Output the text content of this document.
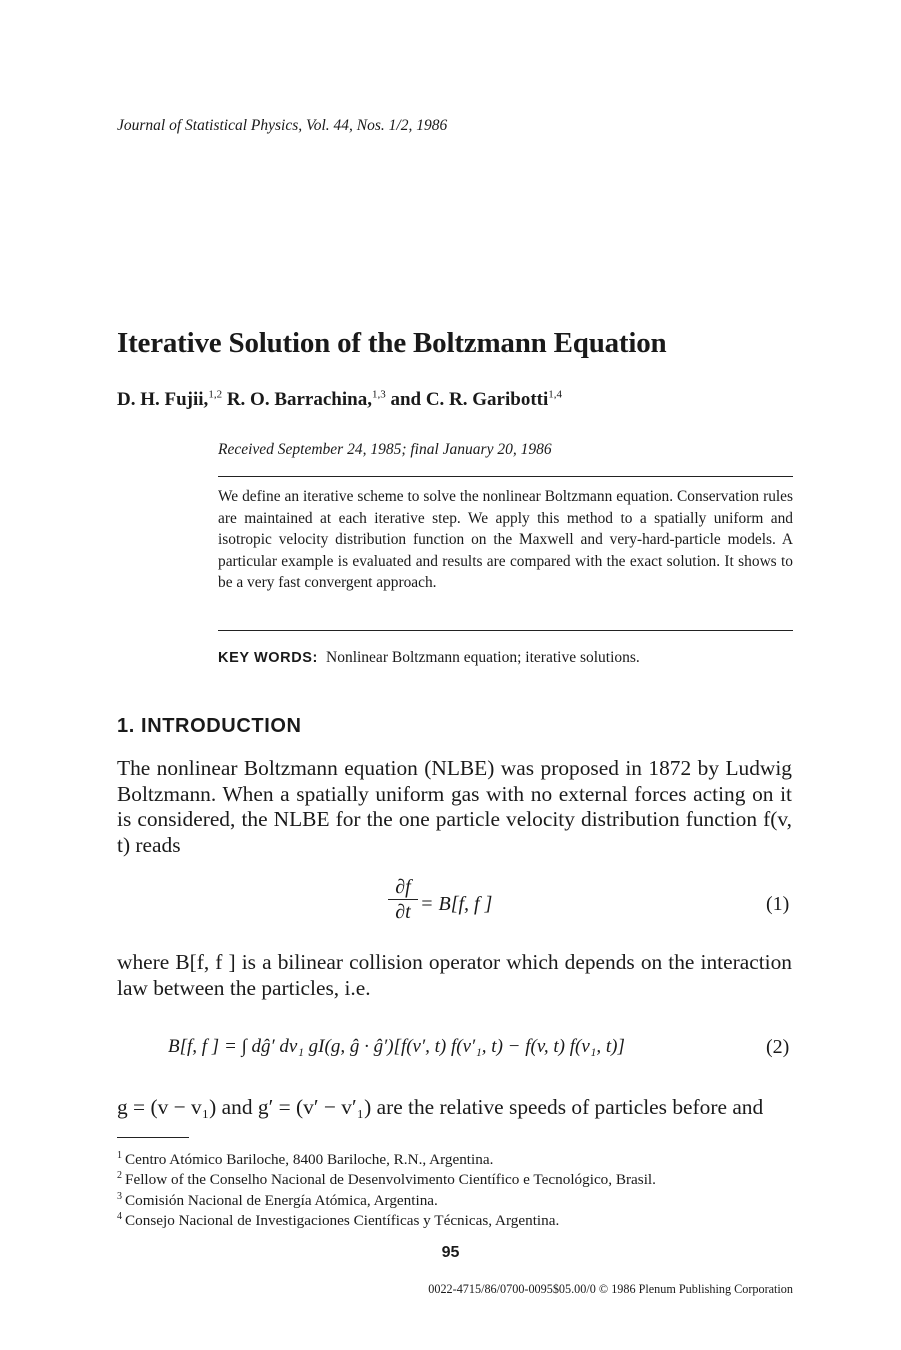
Journal of Statistical Physics, Vol. 44, Nos. 1/2, 1986
Iterative Solution of the Boltzmann Equation
D. H. Fujii,$^{1,2}$ R. O. Barrachina,$^{1,3}$ and C. R. Garibotti$^{1,4}$
Received September 24, 1985; final January 20, 1986
We define an iterative scheme to solve the nonlinear Boltzmann equation. Conservation rules are maintained at each iterative step. We apply this method to a spatially uniform and isotropic velocity distribution function on the Maxwell and very-hard-particle models. A particular example is evaluated and results are compared with the exact solution. It shows to be a very fast convergent approach.
KEY WORDS: Nonlinear Boltzmann equation; iterative solutions.
1. INTRODUCTION
The nonlinear Boltzmann equation (NLBE) was proposed in 1872 by Ludwig Boltzmann. When a spatially uniform gas with no external forces acting on it is considered, the NLBE for the one particle velocity distribution function f(v, t) reads
∂f
∂t = B[f, f ]	(1)
where B[f, f ] is a bilinear collision operator which depends on the interaction law between the particles, i.e.
B[f, f ] = ∫ dĝ′ dv₁ gI(g, ĝ · ĝ′)[f(v′, t) f(v′₁, t) − f(v, t) f(v₁, t)]	(2)
g = (v − v₁) and g′ = (v′ − v′₁) are the relative speeds of particles before and
$^1$ Centro Atómico Bariloche, 8400 Bariloche, R.N., Argentina.
$^2$ Fellow of the Conselho Nacional de Desenvolvimento Científico e Tecnológico, Brasil.
$^3$ Comisión Nacional de Energía Atómica, Argentina.
$^4$ Consejo Nacional de Investigaciones Científicas y Técnicas, Argentina.
95
0022-4715/86/0700-0095$05.00/0 © 1986 Plenum Publishing Corporation
